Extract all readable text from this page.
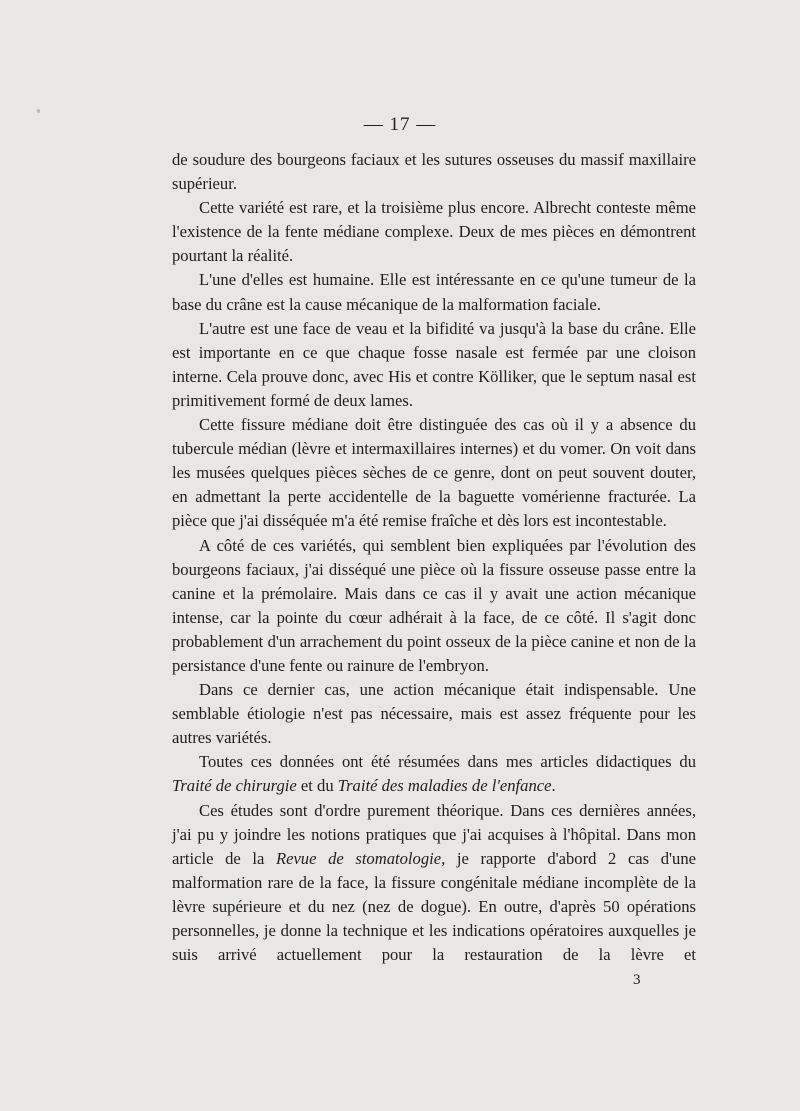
— 17 —

de soudure des bourgeons faciaux et les sutures osseuses du massif maxillaire supérieur.

Cette variété est rare, et la troisième plus encore. Albrecht conteste même l'existence de la fente médiane complexe. Deux de mes pièces en démontrent pourtant la réalité.

L'une d'elles est humaine. Elle est intéressante en ce qu'une tumeur de la base du crâne est la cause mécanique de la malformation faciale.

L'autre est une face de veau et la bifidité va jusqu'à la base du crâne. Elle est importante en ce que chaque fosse nasale est fermée par une cloison interne. Cela prouve donc, avec His et contre Kölliker, que le septum nasal est primitivement formé de deux lames.

Cette fissure médiane doit être distinguée des cas où il y a absence du tubercule médian (lèvre et intermaxillaires internes) et du vomer. On voit dans les musées quelques pièces sèches de ce genre, dont on peut souvent douter, en admettant la perte accidentelle de la baguette vomérienne fracturée. La pièce que j'ai disséquée m'a été remise fraîche et dès lors est incontestable.

A côté de ces variétés, qui semblent bien expliquées par l'évolution des bourgeons faciaux, j'ai disséqué une pièce où la fissure osseuse passe entre la canine et la prémolaire. Mais dans ce cas il y avait une action mécanique intense, car la pointe du cœur adhérait à la face, de ce côté. Il s'agit donc probablement d'un arrachement du point osseux de la pièce canine et non de la persistance d'une fente ou rainure de l'embryon.

Dans ce dernier cas, une action mécanique était indispensable. Une semblable étiologie n'est pas nécessaire, mais est assez fréquente pour les autres variétés.

Toutes ces données ont été résumées dans mes articles didactiques du Traité de chirurgie et du Traité des maladies de l'enfance.

Ces études sont d'ordre purement théorique. Dans ces dernières années, j'ai pu y joindre les notions pratiques que j'ai acquises à l'hôpital. Dans mon article de la Revue de stomatologie, je rapporte d'abord 2 cas d'une malformation rare de la face, la fissure congénitale médiane incomplète de la lèvre supérieure et du nez (nez de dogue). En outre, d'après 50 opérations personnelles, je donne la technique et les indications opératoires auxquelles je suis arrivé actuellement pour la restauration de la lèvre et

3
